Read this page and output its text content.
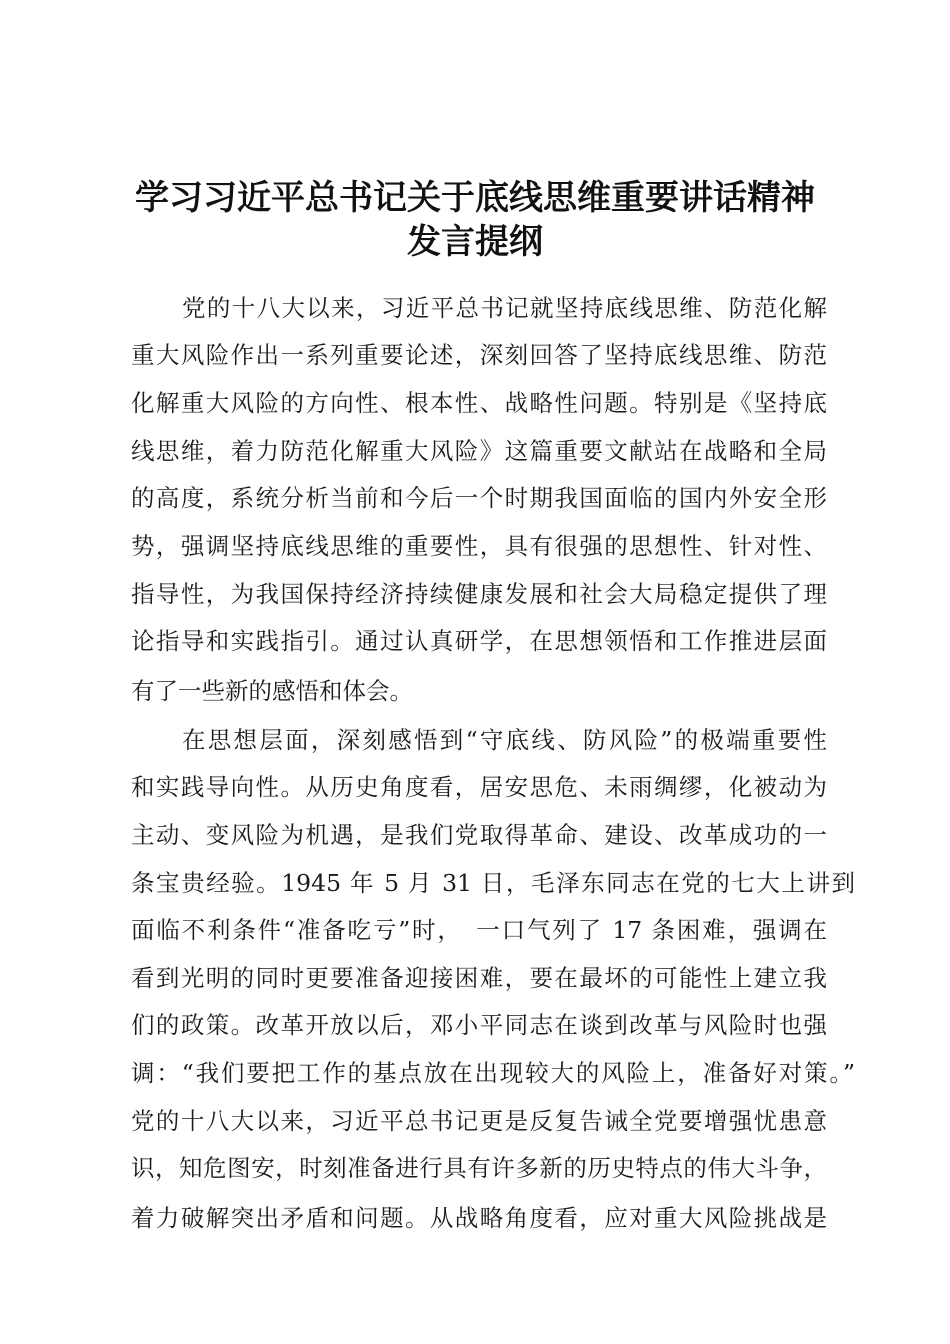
学习习近平总书记关于底线思维重要讲话精神
发言提纲
党的十八大以来，习近平总书记就坚持底线思维、防范化解
重大风险作出一系列重要论述，深刻回答了坚持底线思维、防范
化解重大风险的方向性、根本性、战略性问题。特别是《坚持底
线思维，着力防范化解重大风险》这篇重要文献站在战略和全局
的高度，系统分析当前和今后一个时期我国面临的国内外安全形
势，强调坚持底线思维的重要性，具有很强的思想性、针对性、
指导性，为我国保持经济持续健康发展和社会大局稳定提供了理
论指导和实践指引。通过认真研学，在思想领悟和工作推进层面
有了一些新的感悟和体会。
在思想层面，深刻感悟到“守底线、防风险”的极端重要性
和实践导向性。从历史角度看，居安思危、未雨绸缪，化被动为
主动、变风险为机遇，是我们党取得革命、建设、改革成功的一
条宝贵经验。1945 年 5 月 31 日，毛泽东同志在党的七大上讲到
面临不利条件“准备吃亏”时，　一口气列了 17 条困难，强调在
看到光明的同时更要准备迎接困难，要在最坏的可能性上建立我
们的政策。改革开放以后，邓小平同志在谈到改革与风险时也强
调：“我们要把工作的基点放在出现较大的风险上，准备好对策。”
党的十八大以来，习近平总书记更是反复告诫全党要增强忧患意
识，知危图安，时刻准备进行具有许多新的历史特点的伟大斗争，
着力破解突出矛盾和问题。从战略角度看，应对重大风险挑战是
